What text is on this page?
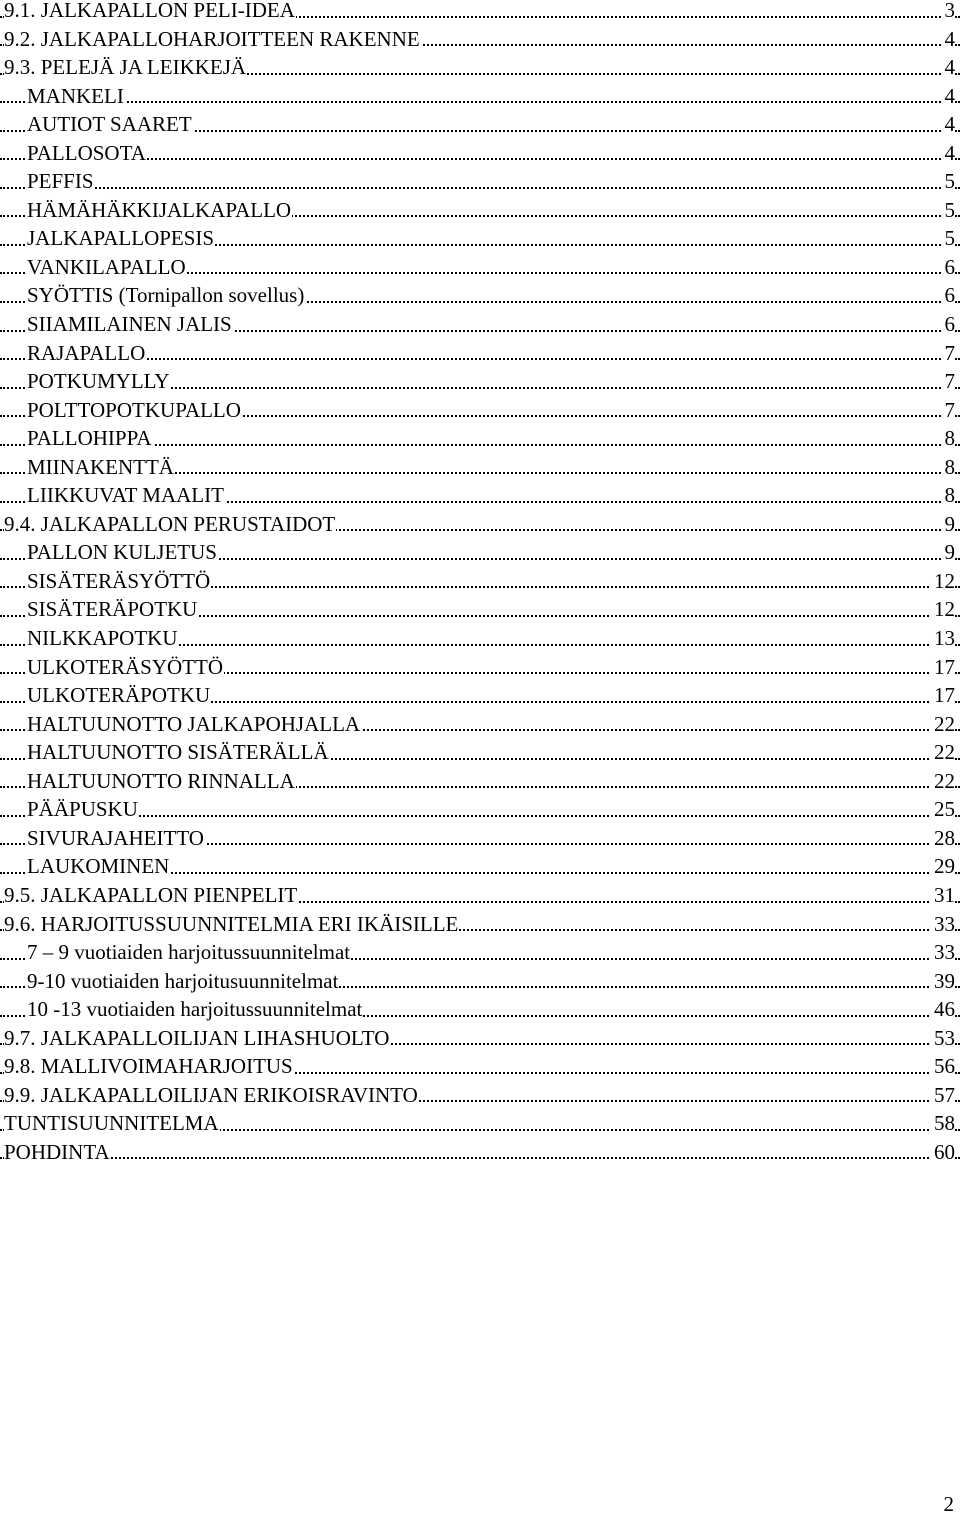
9.1. JALKAPALLON PELI-IDEA	3
9.2. JALKAPALLOHARJOITTEEN RAKENNE	4
9.3. PELEJÄ JA LEIKKEJÄ	4
MANKELI	4
AUTIOT SAARET	4
PALLOSOTA	4
PEFFIS	5
HÄMÄHÄKKIJALKAPALLO	5
JALKAPALLOPESIS	5
VANKILAPALLO	6
SYÖTTIS (Tornipallon sovellus)	6
SIIAMILAINEN JALIS	6
RAJAPALLO	7
POTKUMYLLY	7
POLTTOPOTKUPALLO	7
PALLOHIPPA	8
MIINAKENTTÄ	8
LIIKKUVAT MAALIT	8
9.4. JALKAPALLON PERUSTAIDOT	9
PALLON KULJETUS	9
SISÄTERÄSYÖTTÖ	12
SISÄTERÄPOTKU	12
NILKKAPOTKU	13
ULKOTERÄSYÖTTÖ	17
ULKOTERÄPOTKU	17
HALTUUNOTTO JALKAPOHJALLA	22
HALTUUNOTTO SISÄTERÄLLÄ	22
HALTUUNOTTO RINNALLA	22
PÄÄPUSKU	25
SIVURAJAHEITTO	28
LAUKOMINEN	29
9.5. JALKAPALLON PIENPELIT	31
9.6. HARJOITUSSUUNNITELMIA ERI IKÄISILLE	33
7 – 9 vuotiaiden harjoitussuunnitelmat	33
9-10 vuotiaiden harjoitusuunnitelmat	39
10 -13 vuotiaiden harjoitussuunnitelmat	46
9.7. JALKAPALLOILIJAN LIHASHUOLTO	53
9.8. MALLIVOIMAHARJOITUS	56
9.9. JALKAPALLOILIJAN ERIKOISRAVINTO	57
TUNTISUUNNITELMA	58
POHDINTA	60
2
